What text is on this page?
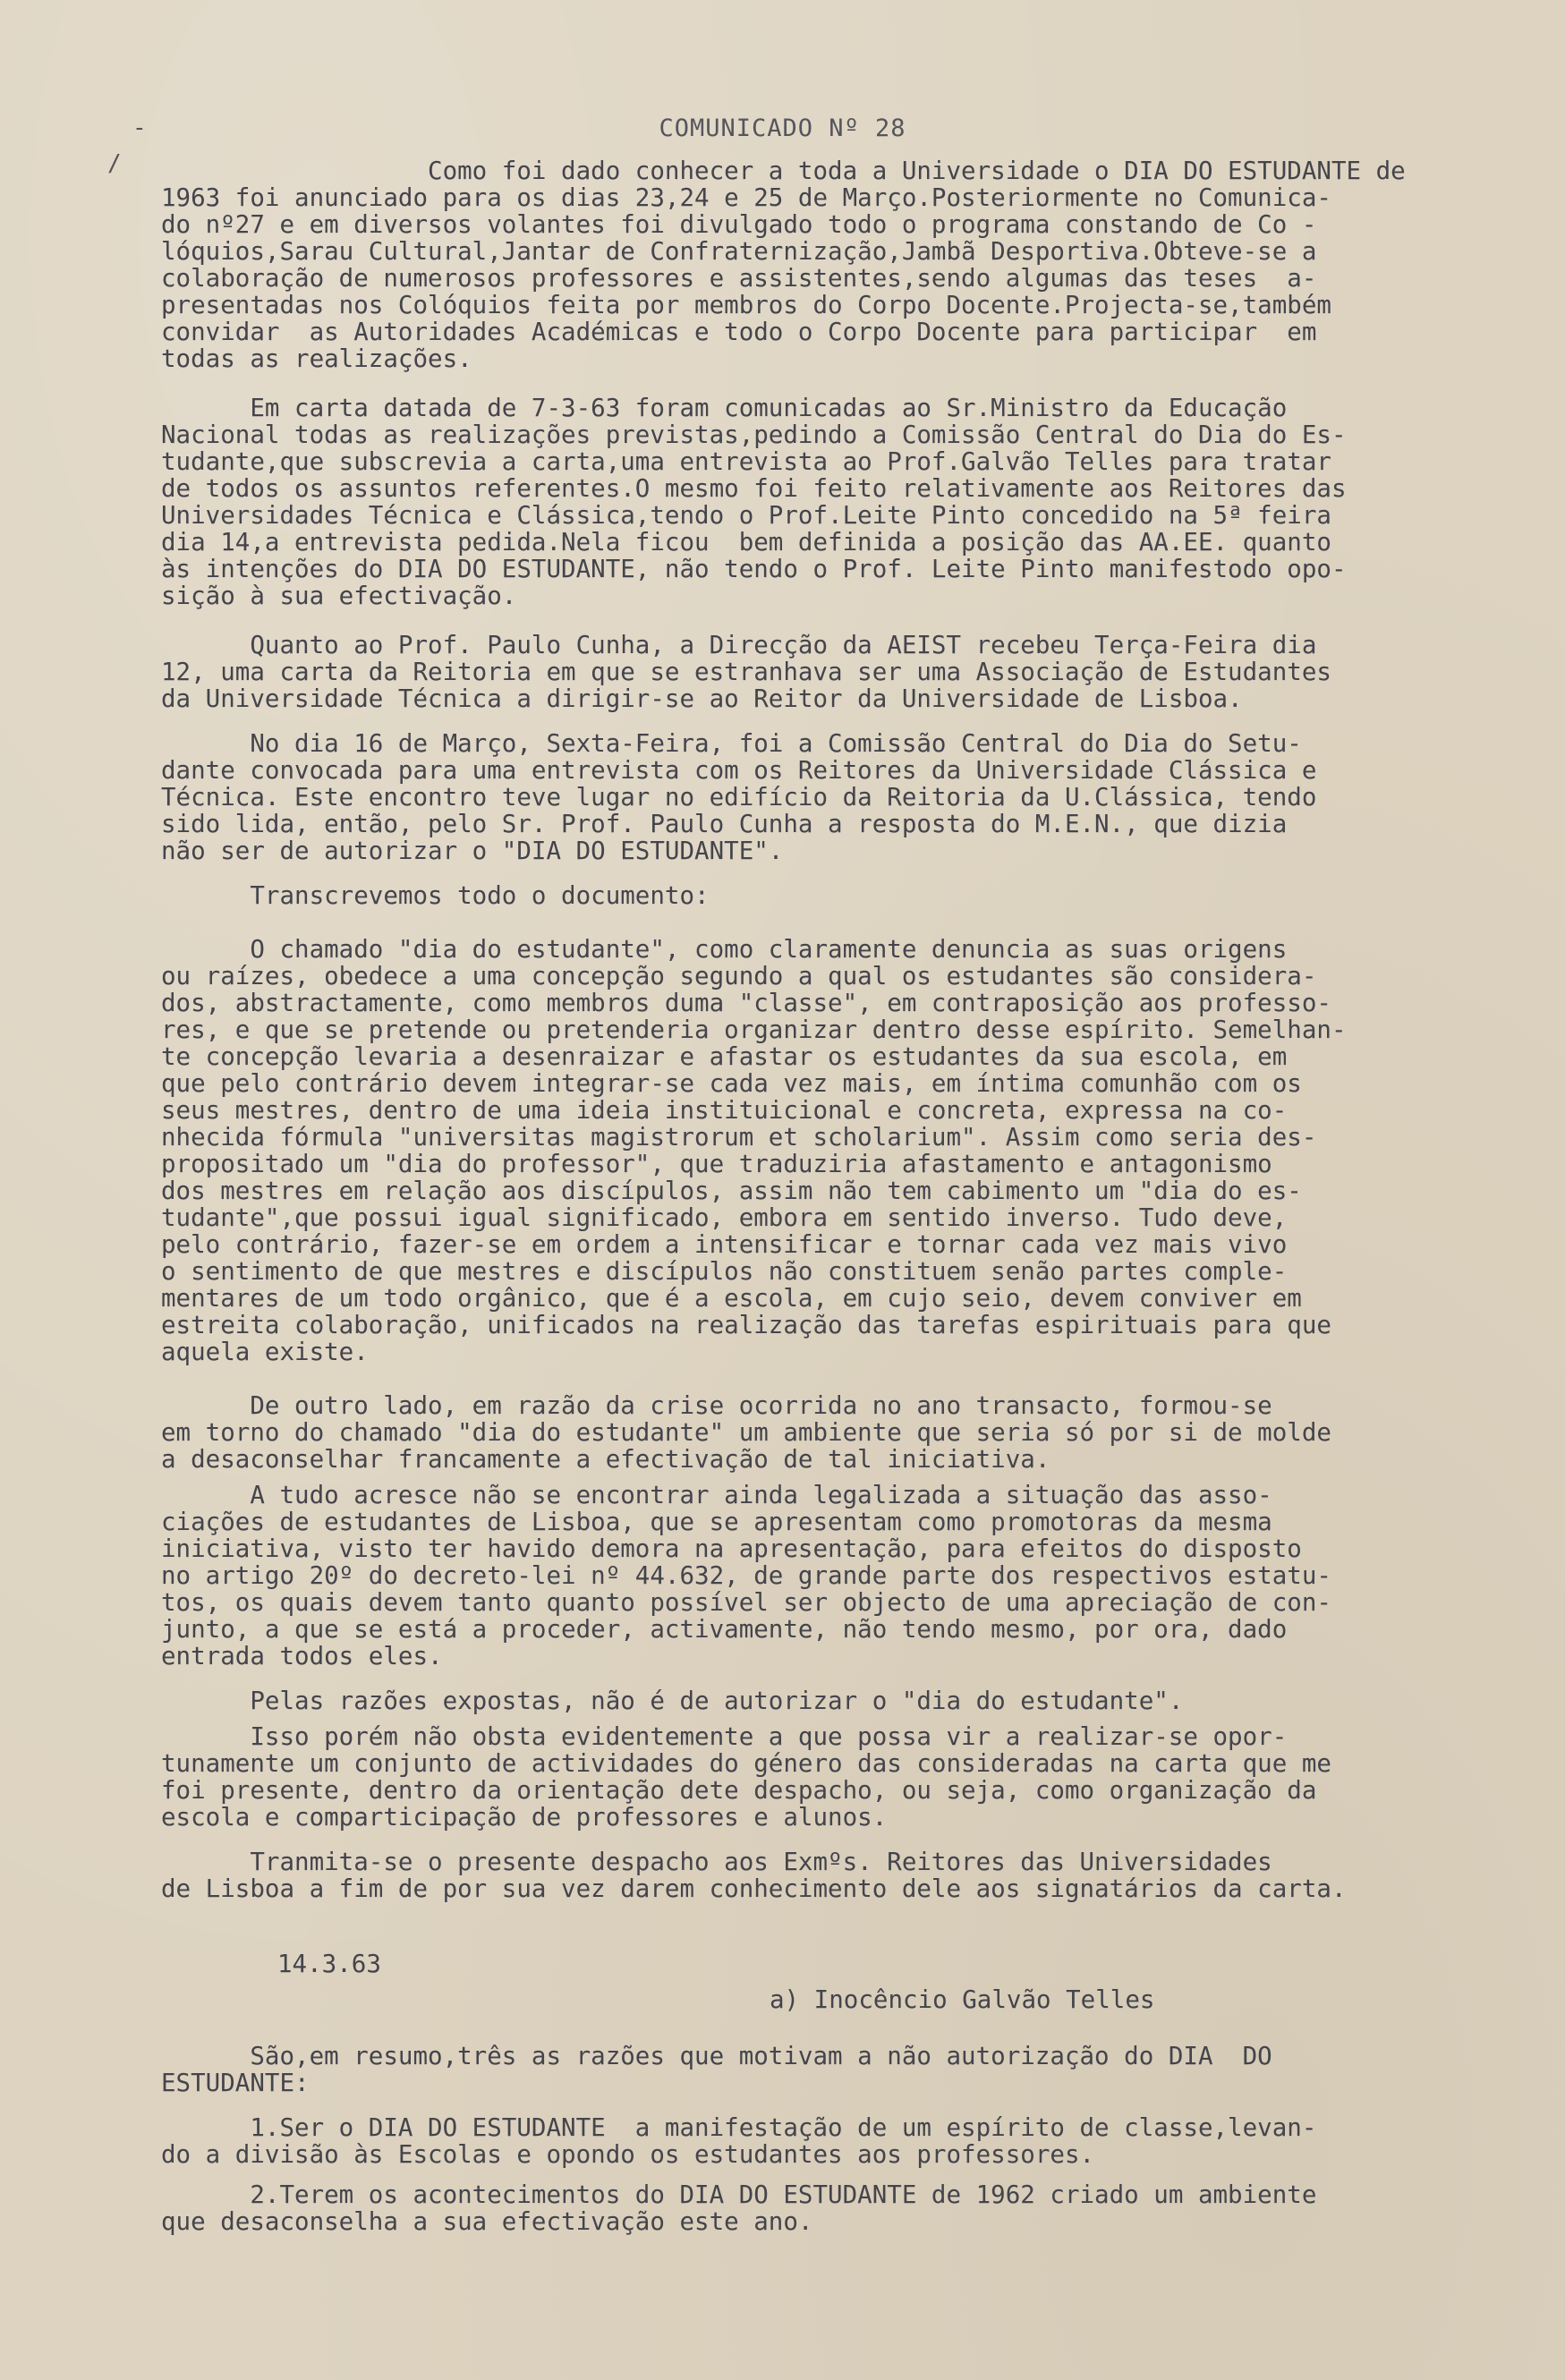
-
/
COMUNICADO Nº 28
Como foi dado conhecer a toda a Universidade o DIA DO ESTUDANTE de
1963 foi anunciado para os dias 23,24 e 25 de Março.Posteriormente no Comunica-
do nº27 e em diversos volantes foi divulgado todo o programa constando de Co -
lóquios,Sarau Cultural,Jantar de Confraternização,Jambã Desportiva.Obteve-se a
colaboração de numerosos professores e assistentes,sendo algumas das teses  a-
presentadas nos Colóquios feita por membros do Corpo Docente.Projecta-se,também
convidar  as Autoridades Académicas e todo o Corpo Docente para participar  em
todas as realizações.
Em carta datada de 7-3-63 foram comunicadas ao Sr.Ministro da Educação
Nacional todas as realizações previstas,pedindo a Comissão Central do Dia do Es-
tudante,que subscrevia a carta,uma entrevista ao Prof.Galvão Telles para tratar
de todos os assuntos referentes.O mesmo foi feito relativamente aos Reitores das
Universidades Técnica e Clássica,tendo o Prof.Leite Pinto concedido na 5ª feira
dia 14,a entrevista pedida.Nela ficou  bem definida a posição das AA.EE. quanto
às intenções do DIA DO ESTUDANTE, não tendo o Prof. Leite Pinto manifestodo opo-
sição à sua efectivação.
Quanto ao Prof. Paulo Cunha, a Direcção da AEIST recebeu Terça-Feira dia
12, uma carta da Reitoria em que se estranhava ser uma Associação de Estudantes
da Universidade Técnica a dirigir-se ao Reitor da Universidade de Lisboa.
No dia 16 de Março, Sexta-Feira, foi a Comissão Central do Dia do Setu-
dante convocada para uma entrevista com os Reitores da Universidade Clássica e
Técnica. Este encontro teve lugar no edifício da Reitoria da U.Clássica, tendo
sido lida, então, pelo Sr. Prof. Paulo Cunha a resposta do M.E.N., que dizia
não ser de autorizar o "DIA DO ESTUDANTE".
Transcrevemos todo o documento:
O chamado "dia do estudante", como claramente denuncia as suas origens
ou raízes, obedece a uma concepção segundo a qual os estudantes são considera-
dos, abstractamente, como membros duma "classe", em contraposição aos professo-
res, e que se pretende ou pretenderia organizar dentro desse espírito. Semelhan-
te concepção levaria a desenraizar e afastar os estudantes da sua escola, em
que pelo contrário devem integrar-se cada vez mais, em íntima comunhão com os
seus mestres, dentro de uma ideia instituicional e concreta, expressa na co-
nhecida fórmula "universitas magistrorum et scholarium". Assim como seria des-
propositado um "dia do professor", que traduziria afastamento e antagonismo
dos mestres em relação aos discípulos, assim não tem cabimento um "dia do es-
tudante",que possui igual significado, embora em sentido inverso. Tudo deve,
pelo contrário, fazer-se em ordem a intensificar e tornar cada vez mais vivo
o sentimento de que mestres e discípulos não constituem senão partes comple-
mentares de um todo orgânico, que é a escola, em cujo seio, devem conviver em
estreita colaboração, unificados na realização das tarefas espirituais para que
aquela existe.
De outro lado, em razão da crise ocorrida no ano transacto, formou-se
em torno do chamado "dia do estudante" um ambiente que seria só por si de molde
a desaconselhar francamente a efectivação de tal iniciativa.
A tudo acresce não se encontrar ainda legalizada a situação das asso-
ciações de estudantes de Lisboa, que se apresentam como promotoras da mesma
iniciativa, visto ter havido demora na apresentação, para efeitos do disposto
no artigo 20º do decreto-lei nº 44.632, de grande parte dos respectivos estatu-
tos, os quais devem tanto quanto possível ser objecto de uma apreciação de con-
junto, a que se está a proceder, activamente, não tendo mesmo, por ora, dado
entrada todos eles.
Pelas razões expostas, não é de autorizar o "dia do estudante".
Isso porém não obsta evidentemente a que possa vir a realizar-se opor-
tunamente um conjunto de actividades do género das consideradas na carta que me
foi presente, dentro da orientação dete despacho, ou seja, como organização da
escola e comparticipação de professores e alunos.
Tranmita-se o presente despacho aos Exmºs. Reitores das Universidades
de Lisboa a fim de por sua vez darem conhecimento dele aos signatários da carta.
São,em resumo,três as razões que motivam a não autorização do DIA  DO
ESTUDANTE:
1.Ser o DIA DO ESTUDANTE  a manifestação de um espírito de classe,levan-
do a divisão às Escolas e opondo os estudantes aos professores.
2.Terem os acontecimentos do DIA DO ESTUDANTE de 1962 criado um ambiente
que desaconselha a sua efectivação este ano.
14.3.63
a) Inocêncio Galvão Telles
